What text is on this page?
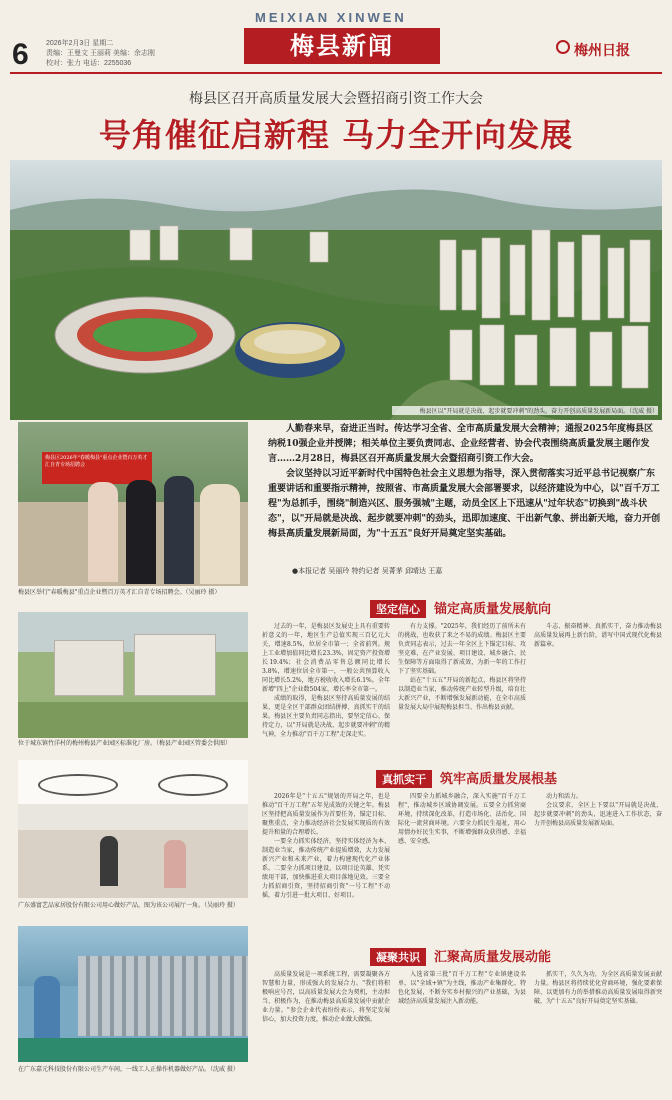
6 2026年2月3日 星期二
责编：王曼文 王丽莉 美编：余志刚
校对：张力 电话：2255036
MEIXIAN XINWEN
梅县新闻	梅州日报
梅县区召开高质量发展大会暨招商引资工作大会
号角催征启新程 马力全开向发展
梅县区以"开局就是决战、起步就要冲刺"的劲头，奋力开创高质量发展新局面。（沈威 摄）
梅县区2026年"春暖梅县"重点企业暨百万英才汇自青专场招聘会
梅县区举行"春暖梅县"重点企业暨百万英才汇自青专场招聘会。（吴丽玲 摄）
位于城东镇竹洋村的梅州梅县产业园区标准化厂房。（梅县产业园区管委会供图）
广东盛富艺品家居股份有限公司用心做好产品，图为该公司展厅一角。（吴丽玲 摄）
在广东嘉元科技股份有限公司生产车间，一线工人正操作机器做好产品。（沈威 摄）

人勤春来早，奋进正当时。传达学习全省、全市高质量发展大会精神；通报2025年度梅县区纳税10强企业并授牌；相关单位主要负责同志、企业经营者、协会代表围绕高质量发展主题作发言……2月28日，梅县区召开高质量发展大会暨招商引资工作大会。

会议坚持以习近平新时代中国特色社会主义思想为指导，深入贯彻落实习近平总书记视察广东重要讲话和重要指示精神，按照省、市高质量发展大会部署要求，以经济建设为中心，以"百千万工程"为总抓手，围绕"制造兴区、服务强城"主题，动员全区上下迅速从"过年状态"切换到"战斗状态"，以"开局就是决战、起步就要冲刺"的劲头，迅即加速度、干出新气象、拼出新天地，奋力开创梅县高质量发展新局面，为"十五五"良好开局奠定坚实基础。

●本报记者 吴丽玲 特约记者 吴菁茅 邱晴达 王嘉
坚定信心 锚定高质量发展航向
过去的一年，是梅县区发展史上具有重要转折意义的一年，地区生产总值实现三百亿元大关，增速8.5%，位居全市第一；全省前列。规上工业增加值同比增长23.3%，固定资产投资增长19.4%；社会消费品零售总额同比增长3.8%，增速位居全市第一，一般公共预算收入同比增长5.2%，地方税收收入增长6.1%。全年新增"四上"企业数504家，增长率全市第一。
成绩的取得，是梅县区坚持高质量发展的结果，更是全区干部群众团结拼搏、真抓实干的结果。梅县区主要负责同志指出，要坚定信心、保持定力，以"开局就是决战、起步就要冲刺"的精气神，全力推动"百千万工程"走深走实。
有力支撑。"2025年，我们经历了前所未有的挑战，也收获了来之不易的成绩。梅县区主要负责同志表示，过去一年全区上下锚定目标、攻坚克难，在产业发展、项目建设、城乡融合、民生保障等方面取得了新成效，为新一年的工作打下了坚实基础。
站在"十五五"开局的新起点，梅县区将坚持以制造业当家，推动传统产业转型升级，培育壮大新兴产业，不断增强发展新动能，在全市高质量发展大局中展现梅县担当、作出梅县贡献。
斗志、振奋精神、真抓实干，奋力推动梅县高质量发展再上新台阶，谱写中国式现代化梅县新篇章。
真抓实干 筑牢高质量发展根基
2026年是"十五五"规划的开局之年，也是推动"百千万工程"五年见成效的关键之年。梅县区坚持把高质量发展作为首要任务，锚定目标、聚焦重点，全力推动经济社会发展实现质的有效提升和量的合理增长。
一要全力抓实体经济，坚持实体经济为本、制造业当家，推动传统产业提质增效，大力发展新兴产业和未来产业，着力构建现代化产业体系。二要全力抓项目建设，以项目论英雄、凭实绩用干部，加快推进重大项目落地见效。三要全力抓招商引资，坚持招商引资"一号工程"不动摇，着力引进一批大项目、好项目。
四要全力抓城乡融合，深入实施"百千万工程"，推动城乡区域协调发展。五要全力抓营商环境，持续深化改革，打造市场化、法治化、国际化一流营商环境。六要全力抓民生福祉，用心用情办好民生实事，不断增强群众获得感、幸福感、安全感。
动力和活力。
会议要求，全区上下要以"开局就是决战、起步就要冲刺"的劲头，迅速进入工作状态，奋力开创梅县高质量发展新局面。
凝聚共识 汇聚高质量发展动能
高质量发展是一项系统工程，需要凝聚各方智慧和力量，形成强大的发展合力。"我们将积极响应号召，以高质量发展大会为契机，主动担当、积极作为，在推动梅县高质量发展中贡献企业力量。"参会企业代表纷纷表示，将坚定发展信心，加大投资力度，推动企业做大做强。
入选省第三批"百千万工程"专业镇建设名单，以"全域+镇"为主线，推动产业集群化、特色化发展，不断夯实乡村振兴的产业基础，为县域经济高质量发展注入新动能。
抓实干，久久为功，为全区高质量发展贡献力量。梅县区将持续优化营商环境，强化要素保障，以更加有力的举措推动高质量发展取得新突破，为"十五五"良好开局奠定坚实基础。
